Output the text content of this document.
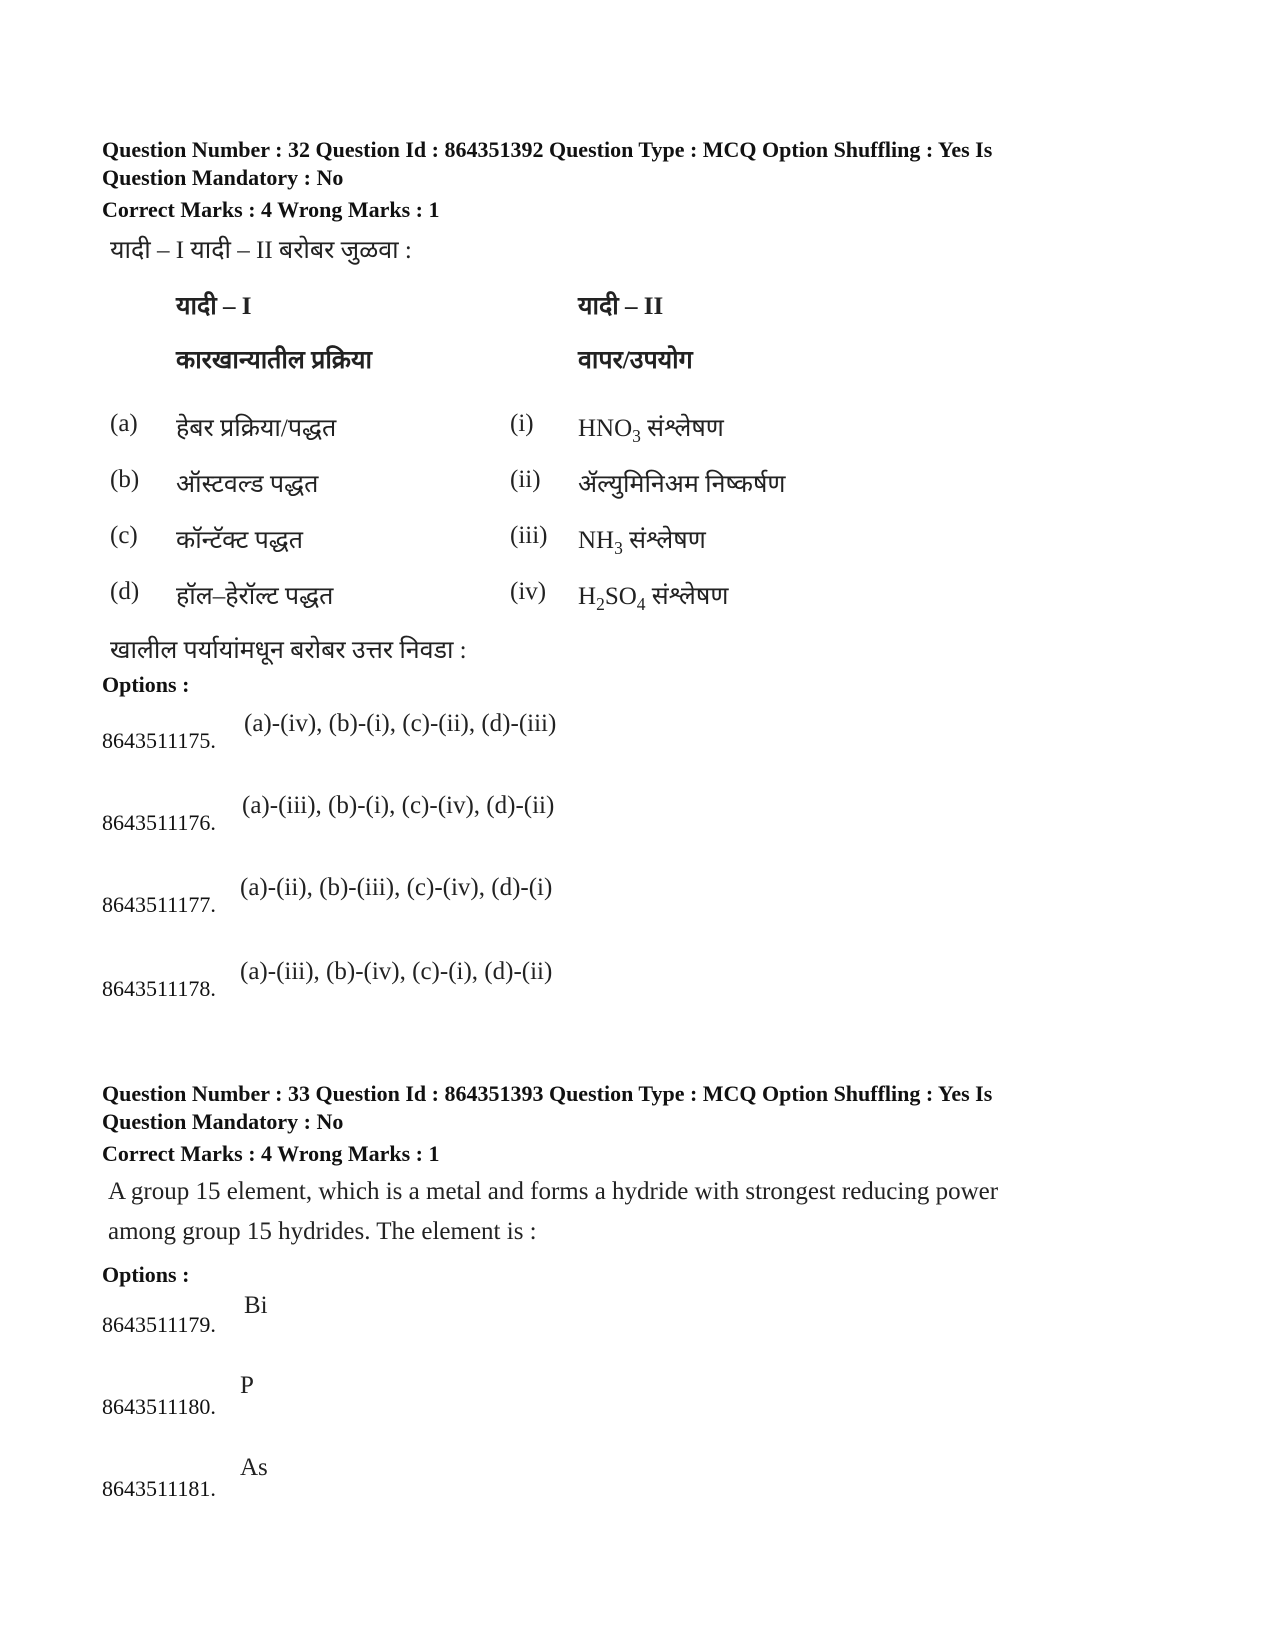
Question Number : 32 Question Id : 864351392 Question Type : MCQ Option Shuffling : Yes Is
Question Mandatory : No
Correct Marks : 4 Wrong Marks : 1
यादी – I यादी – II बरोबर जुळवा :
यादी – I	यादी – II
कारखान्यातील प्रक्रिया	वापर/उपयोग
(a) हेबर प्रक्रिया/पद्धत	(i) $HNO_3$ संश्लेषण
(b) ऑस्टवल्ड पद्धत	(ii) ॲल्युमिनिअम निष्कर्षण
(c) कॉन्टॅक्ट पद्धत	(iii) $NH_3$ संश्लेषण
(d) हॉल–हेरॉल्ट पद्धत	(iv) $H_2SO_4$ संश्लेषण
खालील पर्यायांमधून बरोबर उत्तर निवडा :
Options :
8643511175.
(a)-(iv), (b)-(i), (c)-(ii), (d)-(iii)
8643511176.
(a)-(iii), (b)-(i), (c)-(iv), (d)-(ii)
8643511177.
(a)-(ii), (b)-(iii), (c)-(iv), (d)-(i)
8643511178.
(a)-(iii), (b)-(iv), (c)-(i), (d)-(ii)
Question Number : 33 Question Id : 864351393 Question Type : MCQ Option Shuffling : Yes Is
Question Mandatory : No
Correct Marks : 4 Wrong Marks : 1
A group 15 element, which is a metal and forms a hydride with strongest reducing power
among group 15 hydrides. The element is :
Options :
8643511179.
Bi
8643511180.
P
8643511181.
As
